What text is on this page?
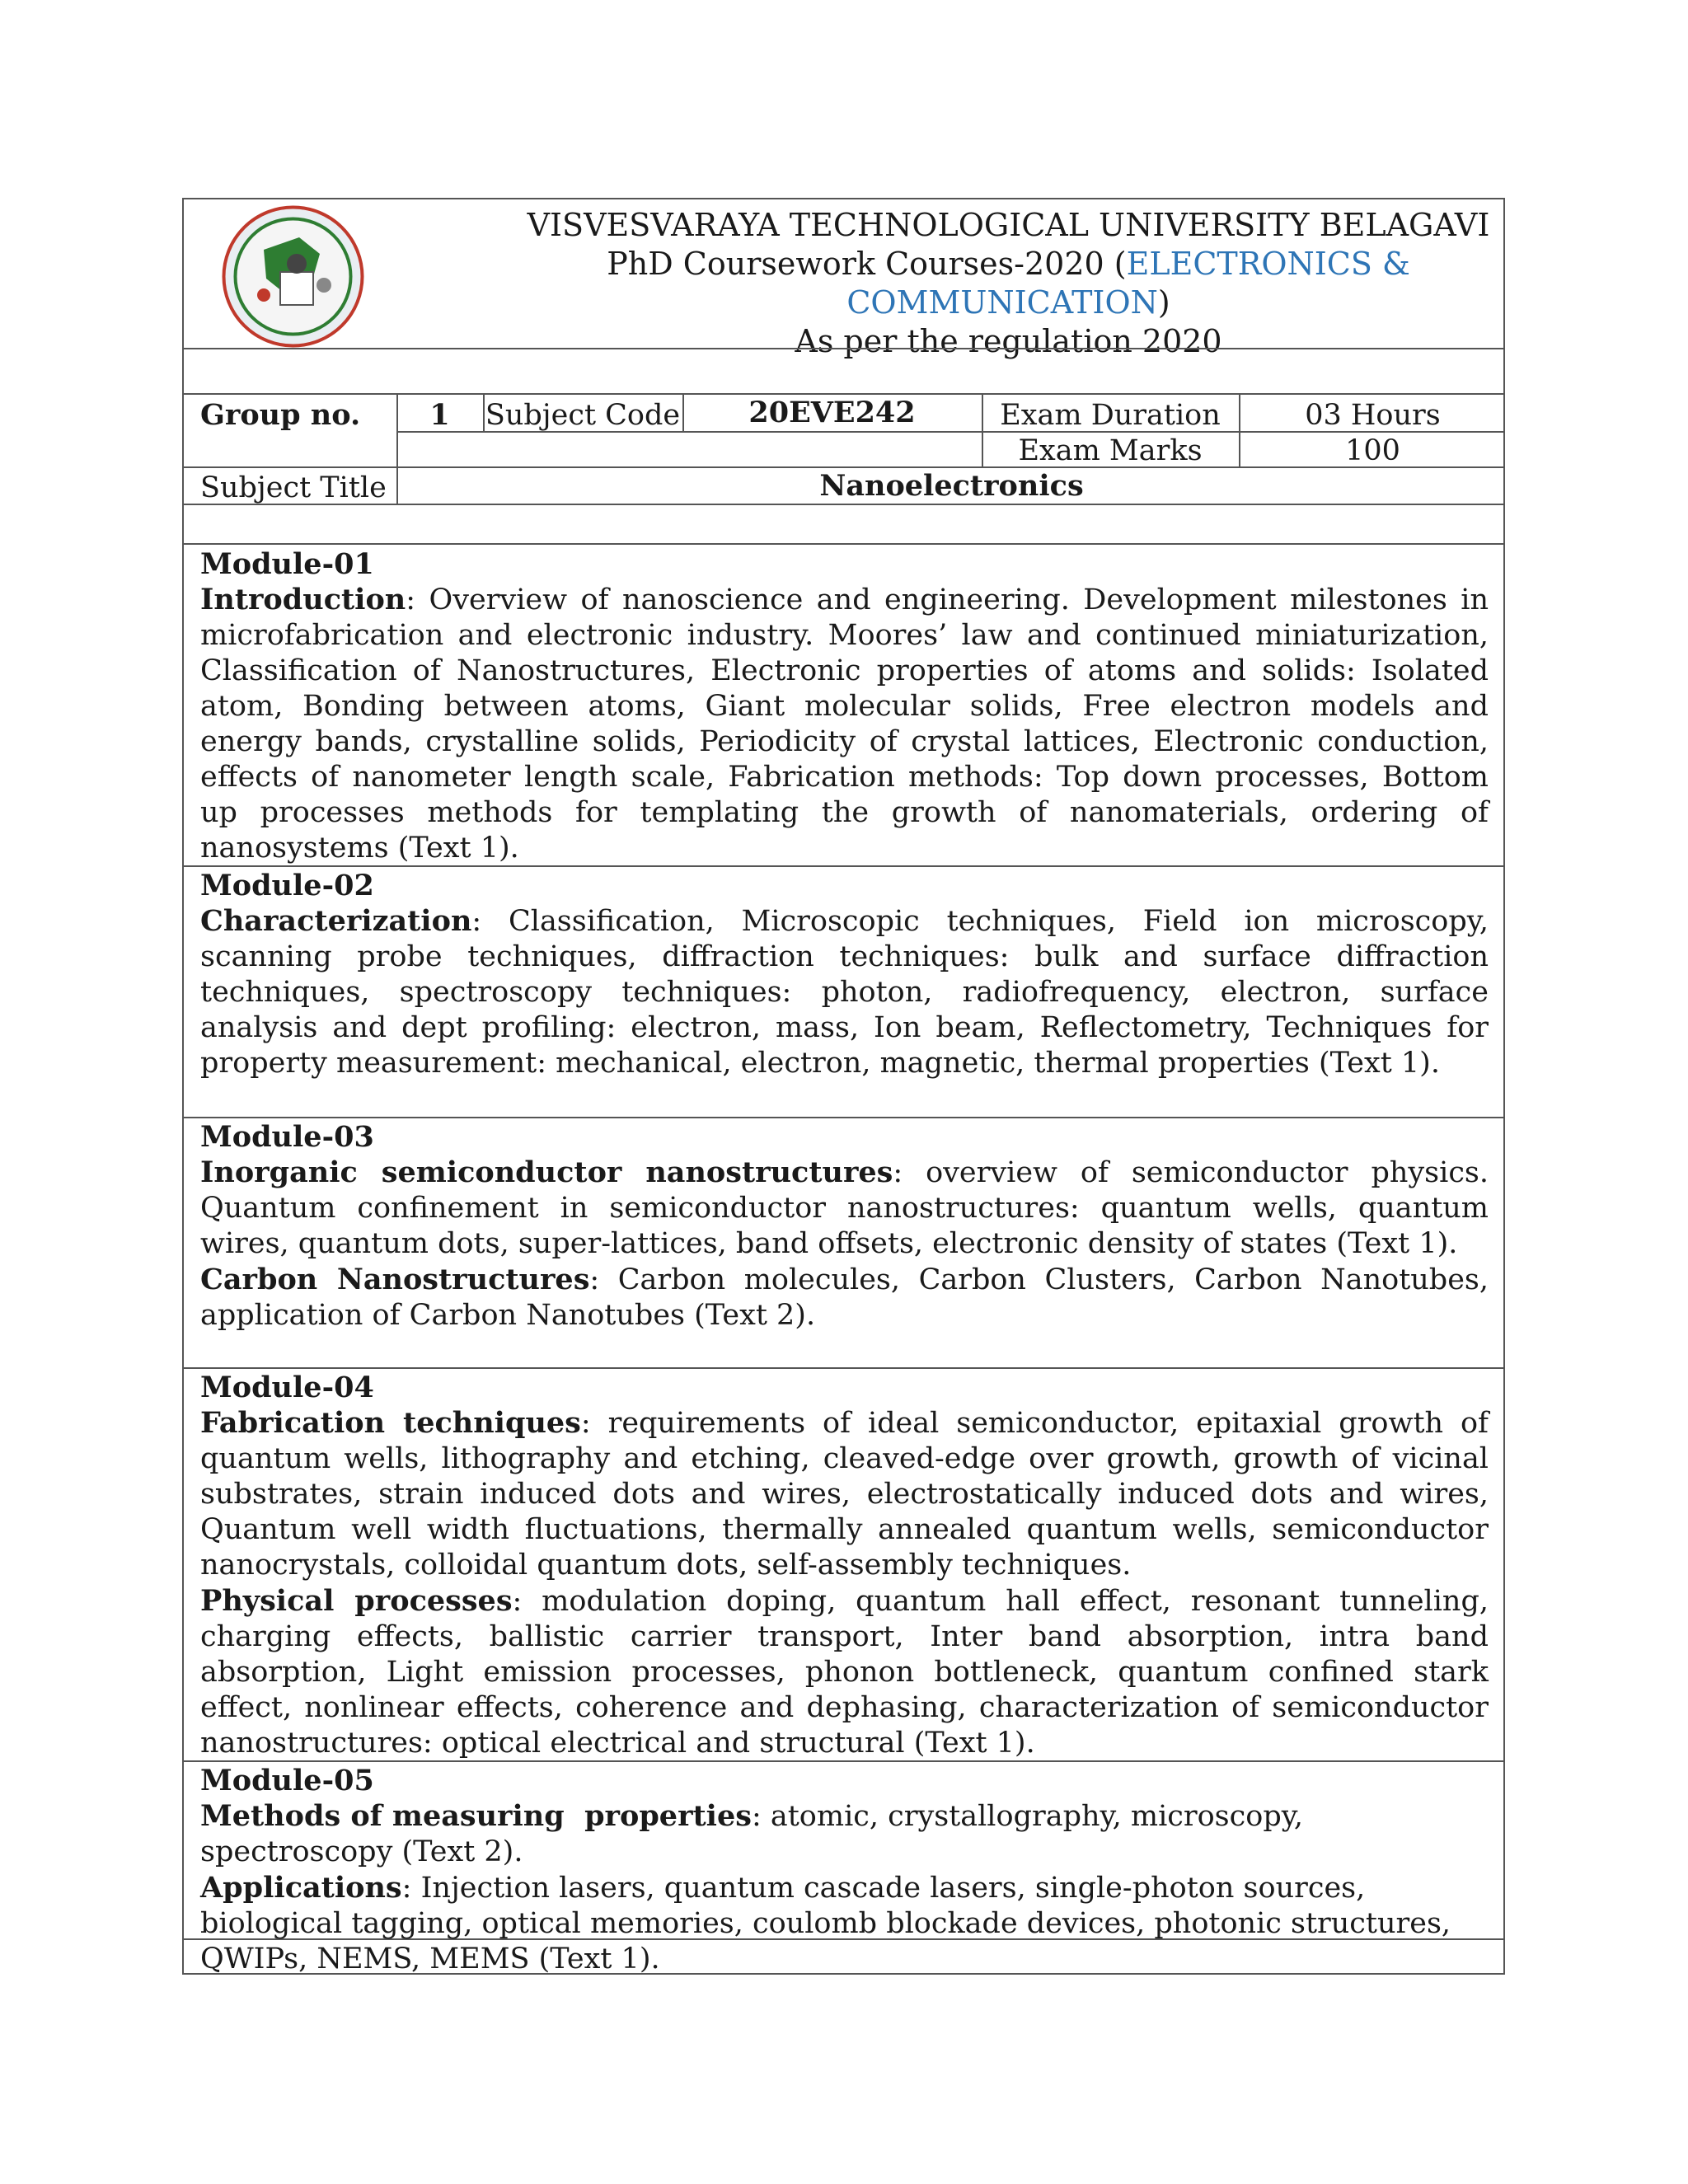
VISVESVARAYA TECHNOLOGICAL UNIVERSITY BELAGAVI
PhD Coursework Courses-2020 (ELECTRONICS & COMMUNICATION)
As per the regulation 2020
Group no.	1	Subject Code	20EVE242	Exam Duration	03 Hours
Exam Marks	100
Subject Title	Nanoelectronics
Module-01

Introduction: Overview of nanoscience and engineering. Development milestones in microfabrication and electronic industry. Moores’ law and continued miniaturization, Classification of Nanostructures, Electronic properties of atoms and solids: Isolated atom, Bonding between atoms, Giant molecular solids, Free electron models and energy bands, crystalline solids, Periodicity of crystal lattices, Electronic conduction, effects of nanometer length scale, Fabrication methods: Top down processes, Bottom up processes methods for templating the growth of nanomaterials, ordering of nanosystems (Text 1).

Module-02

Characterization: Classification, Microscopic techniques, Field ion microscopy, scanning probe techniques, diffraction techniques: bulk and surface diffraction techniques, spectroscopy techniques: photon, radiofrequency, electron, surface analysis and dept profiling: electron, mass, Ion beam, Reflectometry, Techniques for property measurement: mechanical, electron, magnetic, thermal properties (Text 1).

Module-03

Inorganic semiconductor nanostructures: overview of semiconductor physics. Quantum confinement in semiconductor nanostructures: quantum wells, quantum wires, quantum dots, super-lattices, band offsets, electronic density of states (Text 1).

Carbon Nanostructures: Carbon molecules, Carbon Clusters, Carbon Nanotubes, application of Carbon Nanotubes (Text 2).

Module-04

Fabrication techniques: requirements of ideal semiconductor, epitaxial growth of quantum wells, lithography and etching, cleaved-edge over growth, growth of vicinal substrates, strain induced dots and wires, electrostatically induced dots and wires, Quantum well width fluctuations, thermally annealed quantum wells, semiconductor nanocrystals, colloidal quantum dots, self-assembly techniques.

Physical processes: modulation doping, quantum hall effect, resonant tunneling, charging effects, ballistic carrier transport, Inter band absorption, intra band absorption, Light emission processes, phonon bottleneck, quantum confined stark effect, nonlinear effects, coherence and dephasing, characterization of semiconductor nanostructures: optical electrical and structural (Text 1).

Module-05

Methods of measuring  properties: atomic, crystallography, microscopy, spectroscopy (Text 2).

Applications: Injection lasers, quantum cascade lasers, single-photon sources, biological tagging, optical memories, coulomb blockade devices, photonic structures, QWIPs, NEMS, MEMS (Text 1).
